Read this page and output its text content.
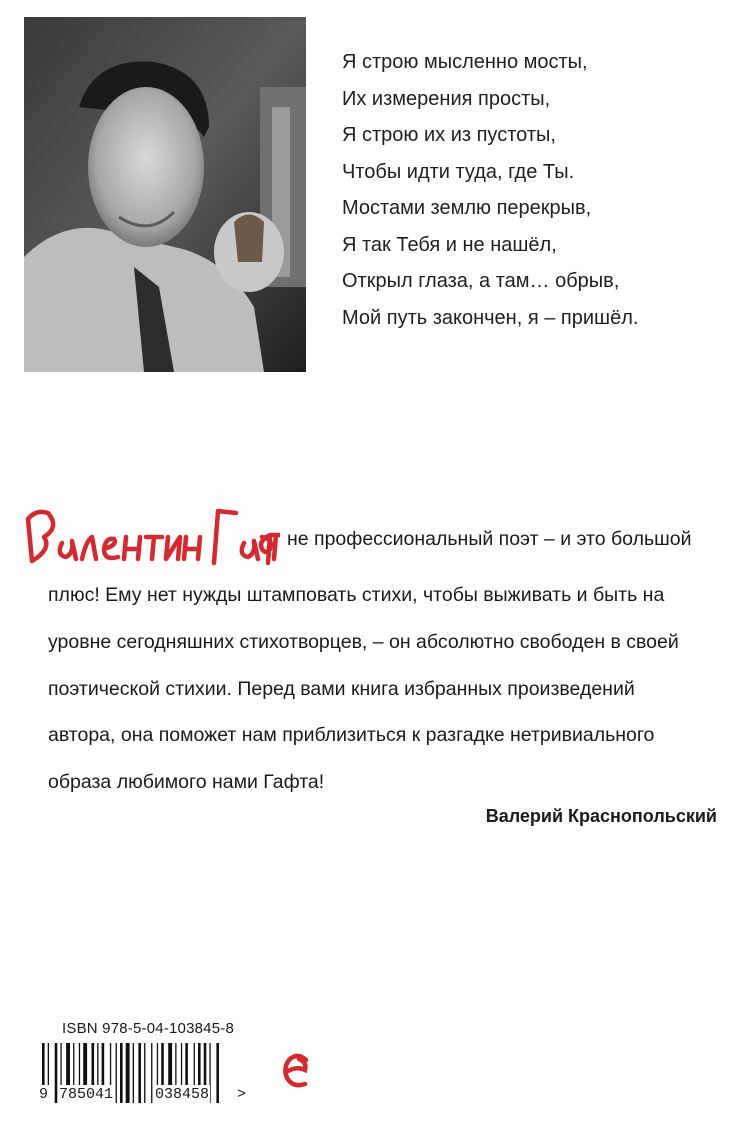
Я строю мысленно мосты,
Их измерения просты,
Я строю их из пустоты,
Чтобы идти туда, где Ты.
Мостами землю перекрыв,
Я так Тебя и не нашёл,
Открыл глаза, а там… обрыв,
Мой путь закончен, я – пришёл.
не профессиональный поэт – и это большой
плюс! Ему нет нужды штамповать стихи, чтобы выживать и быть на
уровне сегодняшних стихотворцев, – он абсолютно свободен в своей
поэтической стихии. Перед вами книга избранных произведений
автора, она поможет нам приблизиться к разгадке нетривиального
образа любимого нами Гафта!
Валерий Краснопольский
ISBN 978-5-04-103845-8
9 785041	038458 >
